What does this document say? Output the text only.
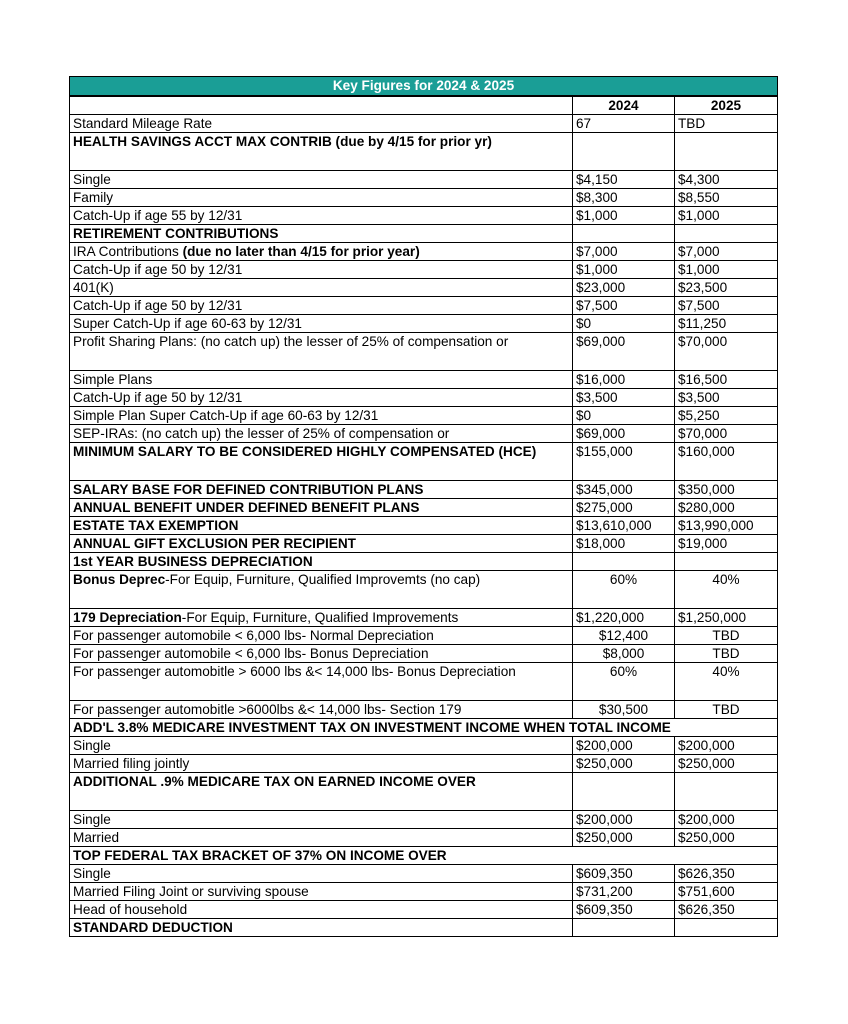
Key Figures for 2024 & 2025		
	2024	2025
Standard Mileage Rate	67	TBD
HEALTH SAVINGS ACCT MAX CONTRIB (due by 4/15 for prior yr)		
Single	$4,150	$4,300
Family	$8,300	$8,550
Catch-Up if age 55 by 12/31	$1,000	$1,000
RETIREMENT CONTRIBUTIONS		
IRA Contributions (due no later than 4/15 for prior year)	$7,000	$7,000
Catch-Up if age 50 by 12/31	$1,000	$1,000
401(K)	$23,000	$23,500
Catch-Up if age 50 by 12/31	$7,500	$7,500
Super Catch-Up if age 60-63 by 12/31	$0	$11,250
Profit Sharing Plans: (no catch up) the lesser of 25% of compensation or	$69,000	$70,000
Simple Plans	$16,000	$16,500
Catch-Up if age 50 by 12/31	$3,500	$3,500
Simple Plan Super Catch-Up if age 60-63 by 12/31	$0	$5,250
SEP-IRAs: (no catch up) the lesser of 25% of compensation or	$69,000	$70,000
MINIMUM SALARY TO BE CONSIDERED HIGHLY COMPENSATED (HCE)	$155,000	$160,000
SALARY BASE FOR DEFINED CONTRIBUTION PLANS	$345,000	$350,000
ANNUAL BENEFIT UNDER DEFINED BENEFIT PLANS	$275,000	$280,000
ESTATE TAX EXEMPTION	$13,610,000	$13,990,000
ANNUAL GIFT EXCLUSION PER RECIPIENT	$18,000	$19,000
1st YEAR BUSINESS DEPRECIATION		
Bonus Deprec-For Equip, Furniture, Qualified Improvemts (no cap)	60%	40%
179 Depreciation-For Equip, Furniture, Qualified Improvements	$1,220,000	$1,250,000
For passenger automobile < 6,000 lbs- Normal Depreciation	$12,400	TBD
For passenger automobile < 6,000 lbs- Bonus Depreciation	$8,000	TBD
For passenger automobitle > 6000 lbs &< 14,000 lbs- Bonus Depreciation	60%	40%
For passenger automobitle >6000lbs &< 14,000 lbs- Section 179	$30,500	TBD
ADD'L 3.8% MEDICARE INVESTMENT TAX ON INVESTMENT INCOME WHEN TOTAL INCOME		
Single	$200,000	$200,000
Married filing jointly	$250,000	$250,000
ADDITIONAL .9% MEDICARE TAX ON EARNED INCOME OVER		
Single	$200,000	$200,000
Married	$250,000	$250,000
TOP FEDERAL TAX BRACKET OF 37% ON INCOME OVER		
Single	$609,350	$626,350
Married Filing Joint or surviving spouse	$731,200	$751,600
Head of household	$609,350	$626,350
STANDARD DEDUCTION		
